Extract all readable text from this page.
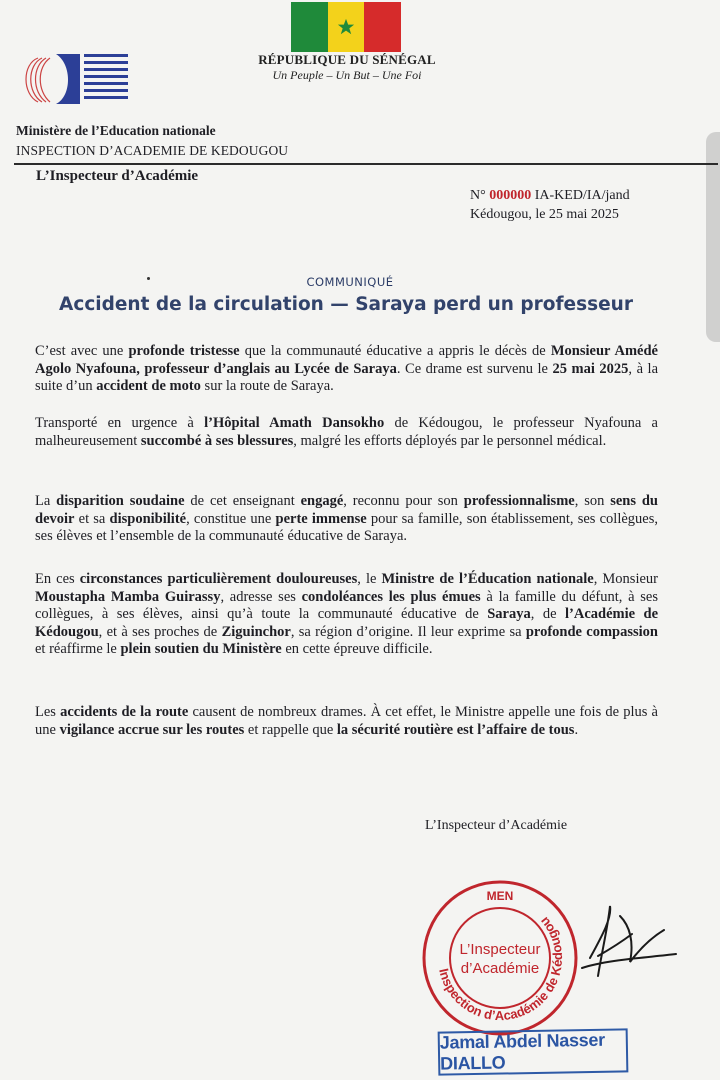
RÉPUBLIQUE DU SÉNÉGAL
Un Peuple – Un But – Une Foi
Ministère de l’Education nationale
INSPECTION D’ACADEMIE DE KEDOUGOU
L’Inspecteur d’Académie
N° 000000 IA-KED/IA/jand
Kédougou, le 25 mai 2025
COMMUNIQUÉ
Accident de la circulation — Saraya perd un professeur
C’est avec une profonde tristesse que la communauté éducative a appris le décès de Monsieur Amédé Agolo Nyafouna, professeur d’anglais au Lycée de Saraya. Ce drame est survenu le 25 mai 2025, à la suite d’un accident de moto sur la route de Saraya.
Transporté en urgence à l’Hôpital Amath Dansokho de Kédougou, le professeur Nyafouna a malheureusement succombé à ses blessures, malgré les efforts déployés par le personnel médical.
La disparition soudaine de cet enseignant engagé, reconnu pour son professionnalisme, son sens du devoir et sa disponibilité, constitue une perte immense pour sa famille, son établissement, ses collègues, ses élèves et l’ensemble de la communauté éducative de Saraya.
En ces circonstances particulièrement douloureuses, le Ministre de l’Éducation nationale, Monsieur Moustapha Mamba Guirassy, adresse ses condoléances les plus émues à la famille du défunt, à ses collègues, à ses élèves, ainsi qu’à toute la communauté éducative de Saraya, de l’Académie de Kédougou, et à ses proches de Ziguinchor, sa région d’origine. Il leur exprime sa profonde compassion et réaffirme le plein soutien du Ministère en cette épreuve difficile.
Les accidents de la route causent de nombreux drames. À cet effet, le Ministre appelle une fois de plus à une vigilance accrue sur les routes et rappelle que la sécurité routière est l’affaire de tous.
L’Inspecteur d’Académie
Inspection d’Académie de Kédougou
MEN
L’Inspecteur
d’Académie
Jamal Abdel Nasser DIALLO
